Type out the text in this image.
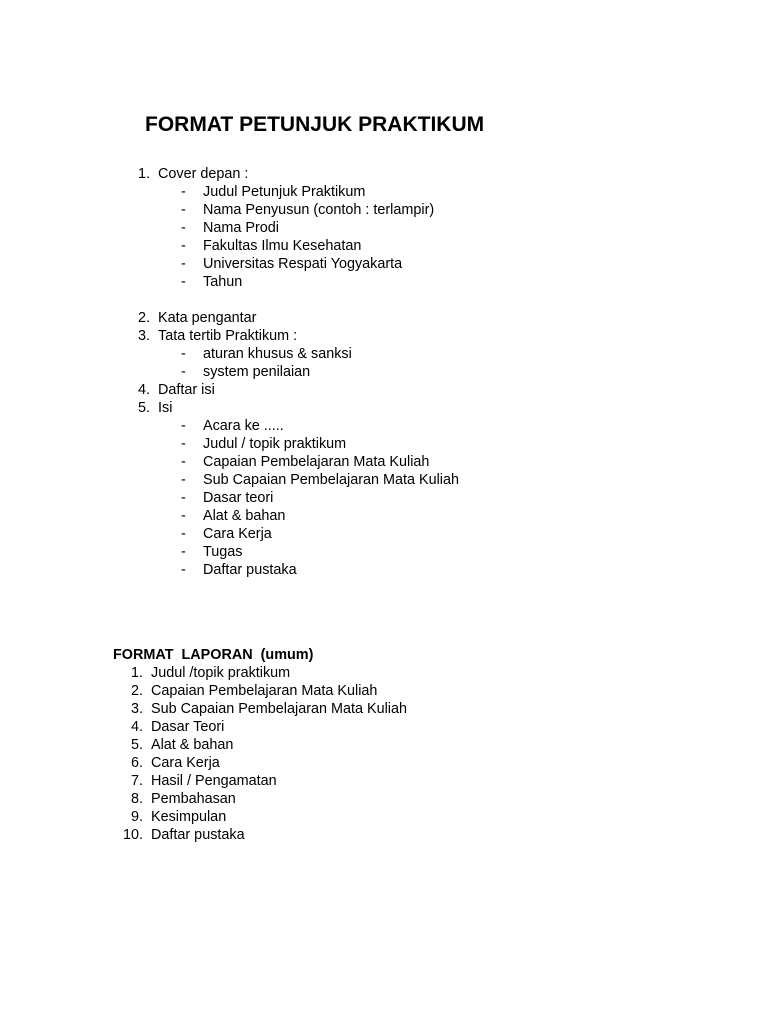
FORMAT PETUNJUK PRAKTIKUM
1. Cover depan :
- Judul Petunjuk Praktikum
- Nama Penyusun (contoh : terlampir)
- Nama Prodi
- Fakultas Ilmu Kesehatan
- Universitas Respati Yogyakarta
- Tahun
2. Kata pengantar
3. Tata tertib Praktikum :
- aturan khusus & sanksi
- system penilaian
4. Daftar isi
5. Isi
- Acara ke .....
- Judul / topik praktikum
- Capaian Pembelajaran Mata Kuliah
- Sub Capaian Pembelajaran Mata Kuliah
- Dasar teori
- Alat & bahan
- Cara Kerja
- Tugas
- Daftar pustaka
FORMAT  LAPORAN  (umum)
1. Judul /topik praktikum
2. Capaian Pembelajaran Mata Kuliah
3. Sub Capaian Pembelajaran Mata Kuliah
4. Dasar Teori
5. Alat & bahan
6. Cara Kerja
7. Hasil / Pengamatan
8. Pembahasan
9. Kesimpulan
10. Daftar pustaka
